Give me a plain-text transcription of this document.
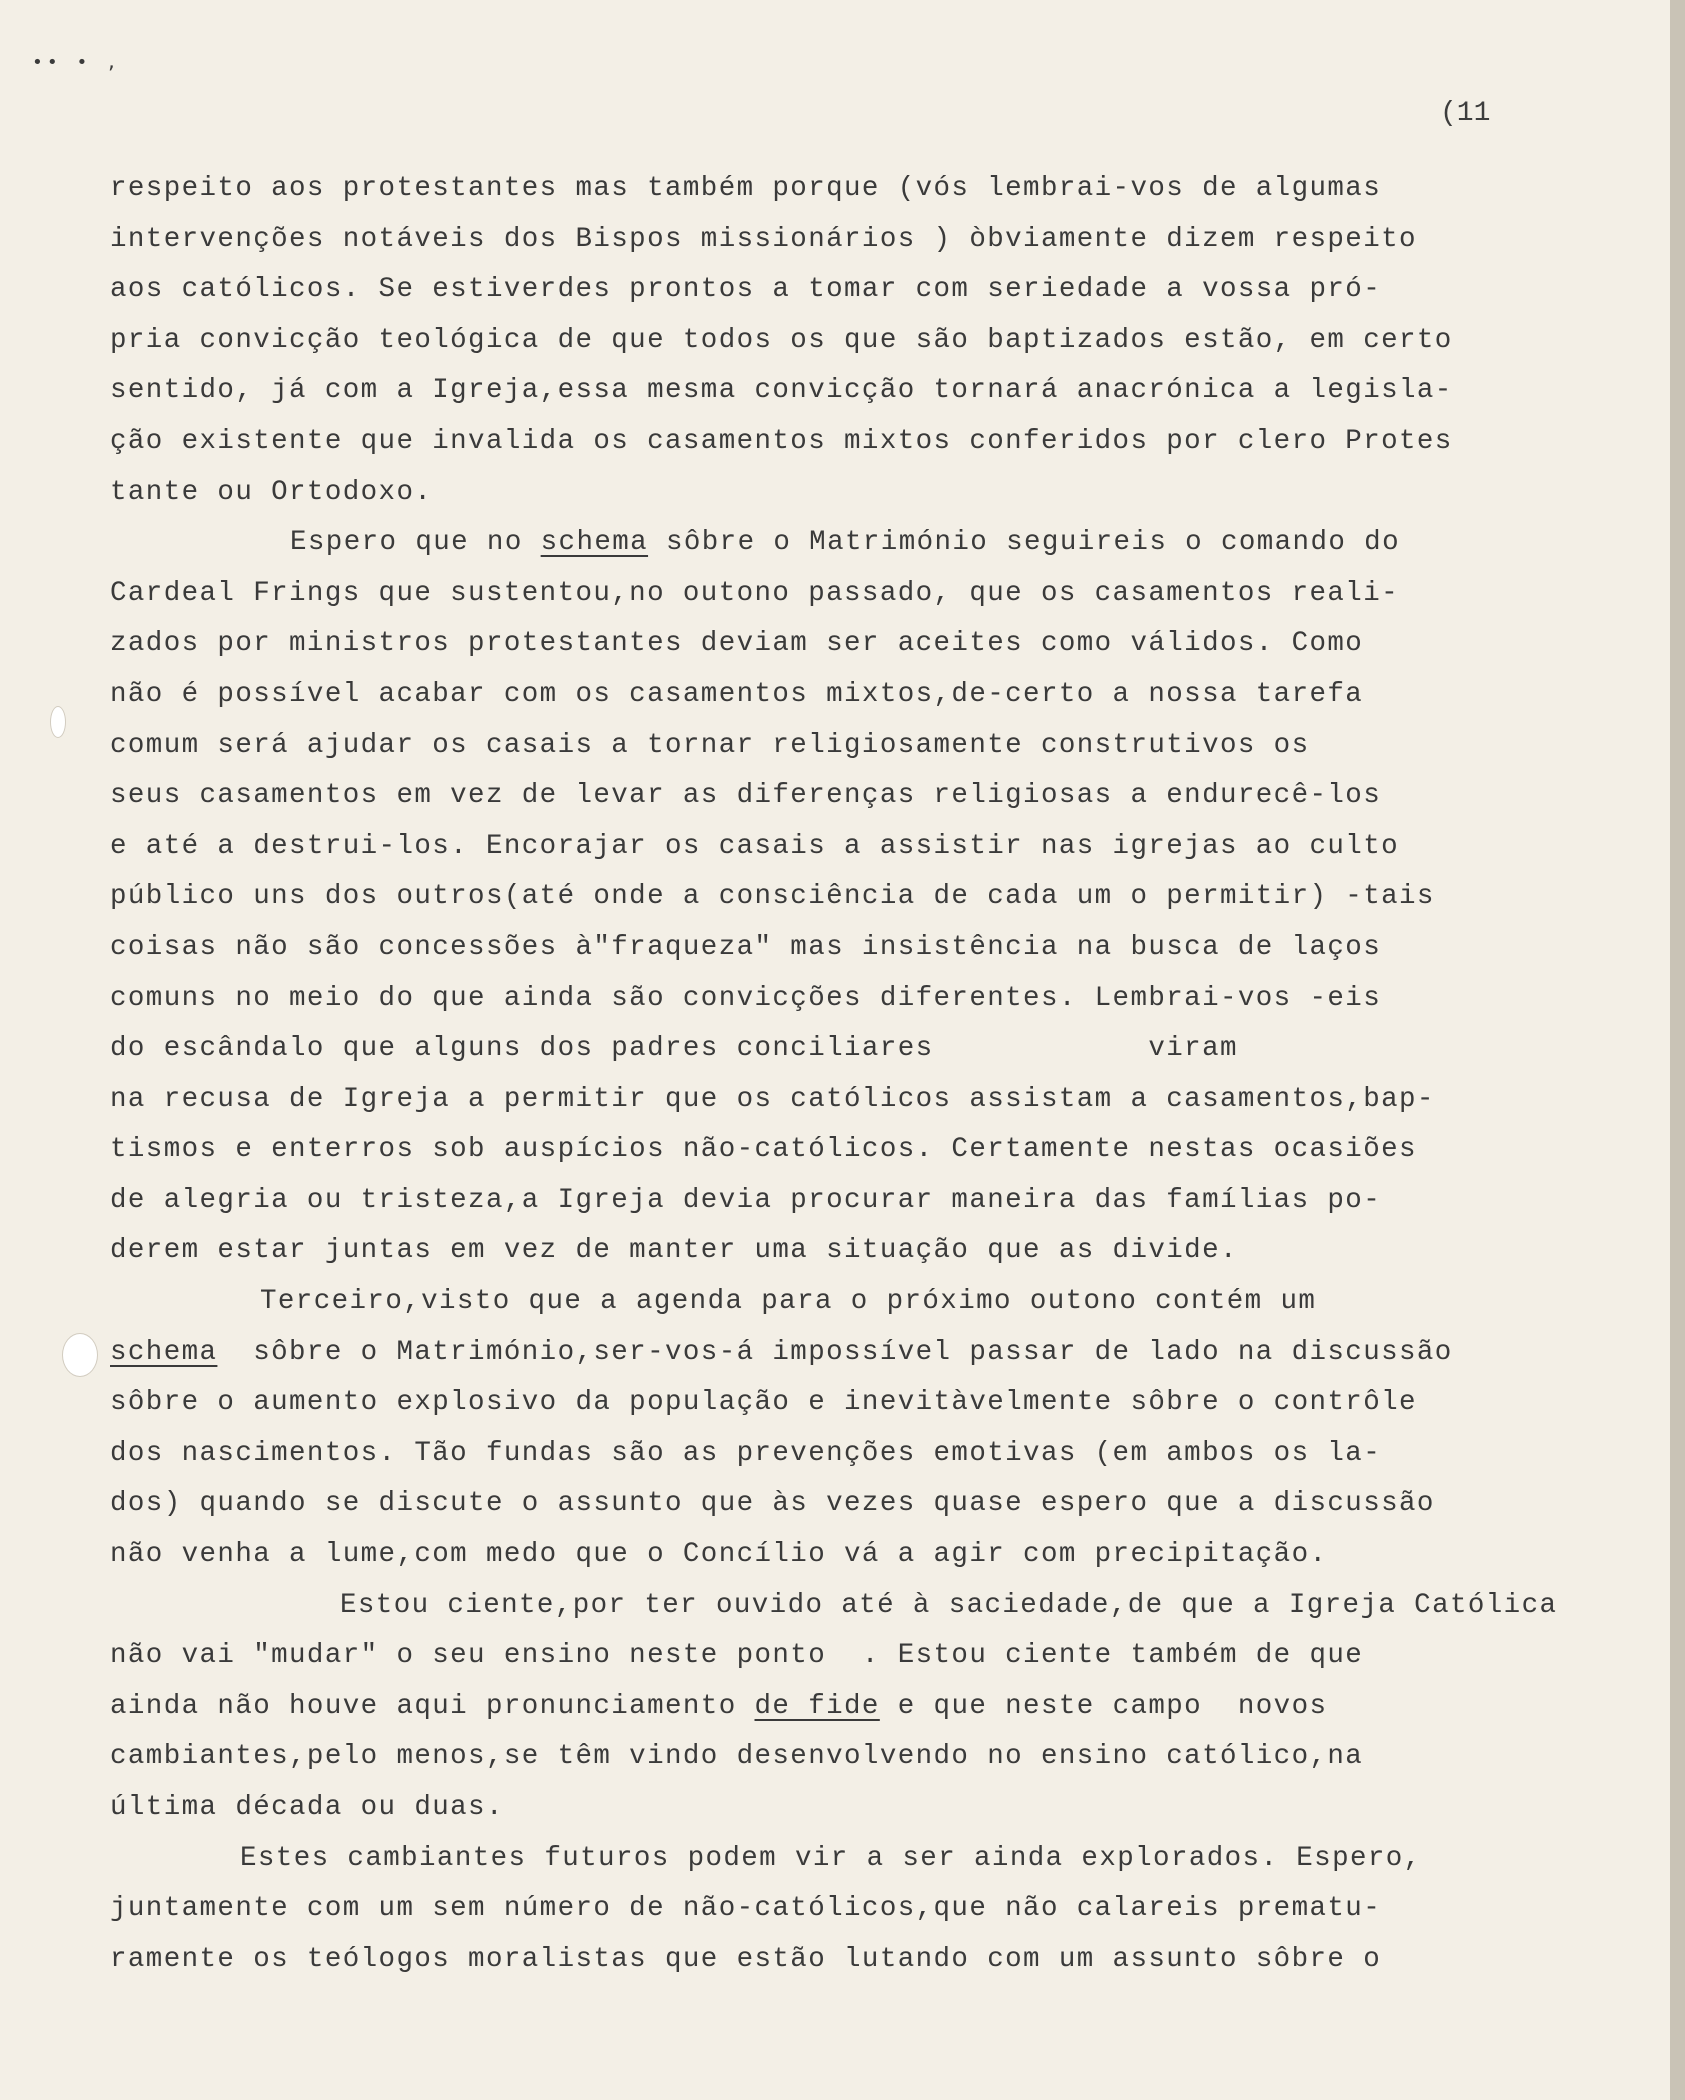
•• • ,
(11
respeito aos protestantes mas também porque (vós lembrai-vos de algumas
intervenções notáveis dos Bispos missionários ) òbviamente dizem respeito
aos católicos. Se estiverdes prontos a tomar com seriedade a vossa pró-
pria convicção teológica de que todos os que são baptizados estão, em certo
sentido, já com a Igreja,essa mesma convicção tornará anacrónica a legisla-
ção existente que invalida os casamentos mixtos conferidos por clero Protes
tante ou Ortodoxo.
Espero que no schema sôbre o Matrimónio seguireis o comando do
Cardeal Frings que sustentou,no outono passado, que os casamentos reali-
zados por ministros protestantes deviam ser aceites como válidos. Como
não é possível acabar com os casamentos mixtos,de-certo a nossa tarefa
comum será ajudar os casais a tornar religiosamente construtivos os
seus casamentos em vez de levar as diferenças religiosas a endurecê-los
e até a destrui-los. Encorajar os casais a assistir nas igrejas ao culto
público uns dos outros(até onde a consciência de cada um o permitir) -tais
coisas não são concessões à"fraqueza" mas insistência na busca de laços
comuns no meio do que ainda são convicções diferentes. Lembrai-vos -eis
do escândalo que alguns dos padres conciliares            viram
na recusa de Igreja a permitir que os católicos assistam a casamentos,bap-
tismos e enterros sob auspícios não-católicos. Certamente nestas ocasiões
de alegria ou tristeza,a Igreja devia procurar maneira das famílias po-
derem estar juntas em vez de manter uma situação que as divide.
Terceiro,visto que a agenda para o próximo outono contém um
schema  sôbre o Matrimónio,ser-vos-á impossível passar de lado na discussão
sôbre o aumento explosivo da população e inevitàvelmente sôbre o contrôle
dos nascimentos. Tão fundas são as prevenções emotivas (em ambos os la-
dos) quando se discute o assunto que às vezes quase espero que a discussão
não venha a lume,com medo que o Concílio vá a agir com precipitação.
Estou ciente,por ter ouvido até à saciedade,de que a Igreja Católica
não vai "mudar" o seu ensino neste ponto  . Estou ciente também de que
ainda não houve aqui pronunciamento de fide e que neste campo  novos
cambiantes,pelo menos,se têm vindo desenvolvendo no ensino católico,na
última década ou duas.
Estes cambiantes futuros podem vir a ser ainda explorados. Espero,
juntamente com um sem número de não-católicos,que não calareis prematu-
ramente os teólogos moralistas que estão lutando com um assunto sôbre o
